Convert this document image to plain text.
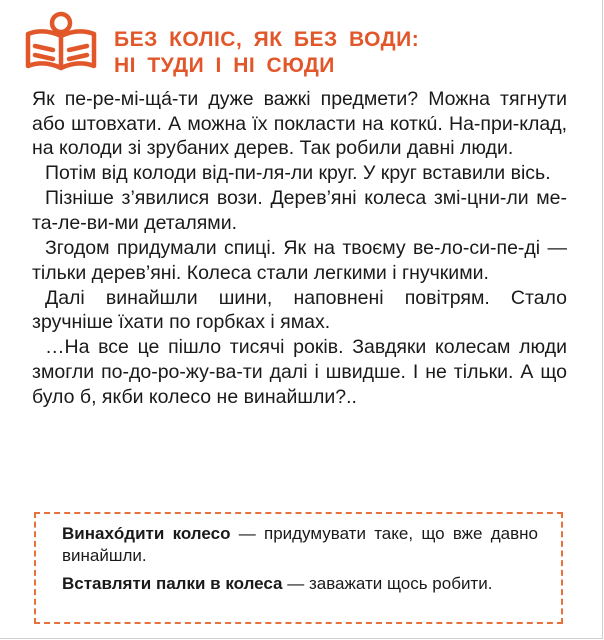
БЕЗ КОЛІС, ЯК БЕЗ ВОДИ:
НІ ТУДИ І НІ СЮДИ

Як пе-ре-мі-щá-ти дуже важкі предмети? Можна тягнути або штовхати. А можна їх покласти на коткú. На-при-клад, на колоди зі зрубаних дерев. Так робили давні люди.

Потім від колоди від-пи-ля-ли круг. У круг вставили вісь.

Пізніше з’явилися вози. Дерев’яні колеса змі-цни-ли ме-та-ле-ви-ми деталями.

Згодом придумали спиці. Як на твоєму ве-ло-си-пе-ді — тільки дерев’яні. Колеса стали легкими і гнучкими.

Далі винайшли шини, наповнені повітрям. Стало зручніше їхати по горбках і ямах.

…На все це пішло тисячі років. Завдяки колесам люди змогли по-до-ро-жу-ва-ти далі і швидше. І не тільки. А що було б, якби колесо не винайшли?..

Винахóдити колесо — придумувати таке, що вже давно винайшли.
Вставляти палки в колеса — заважати щось робити.
